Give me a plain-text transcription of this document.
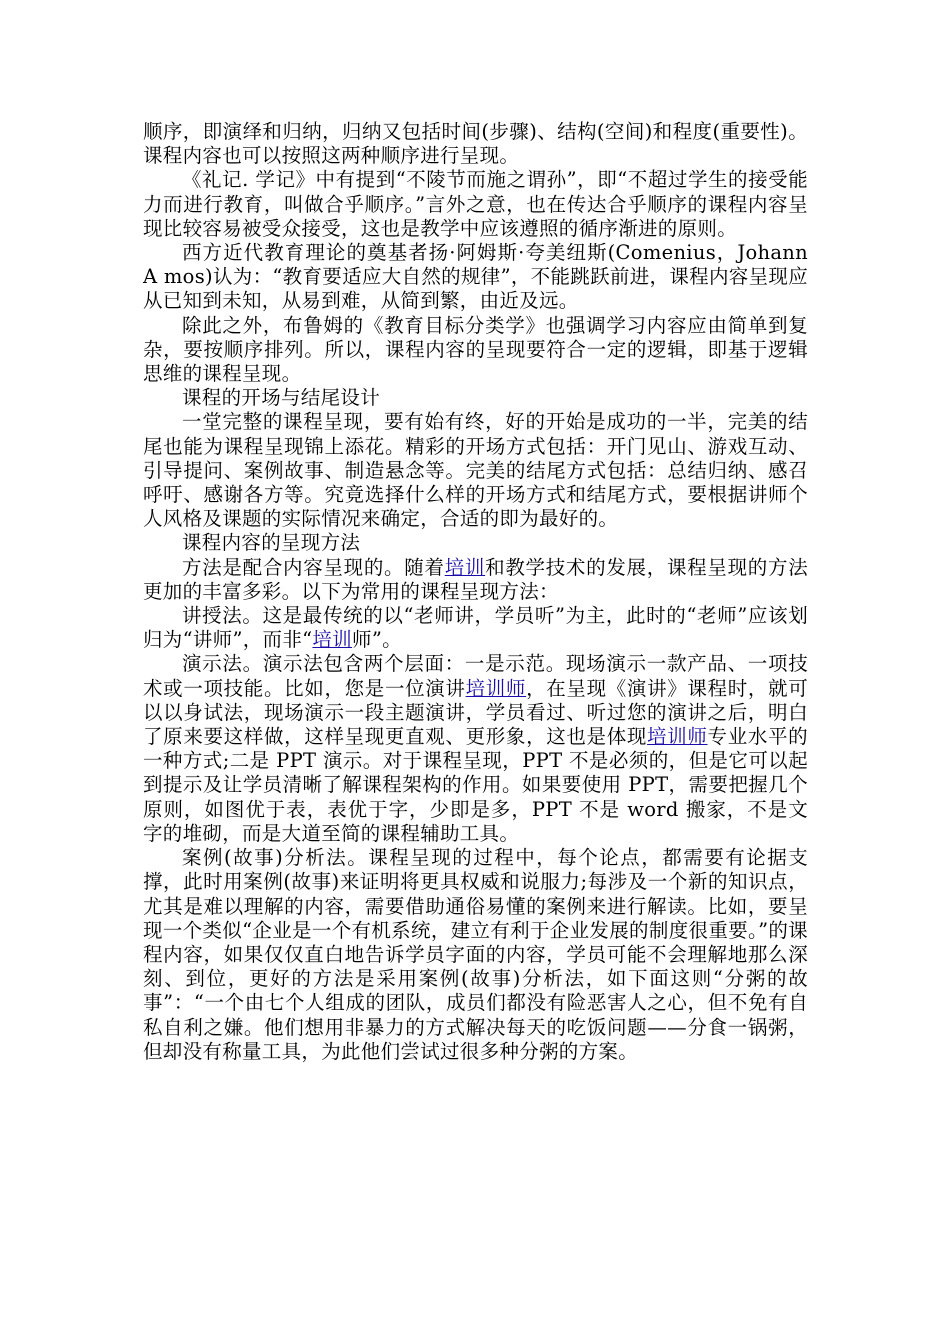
顺序，即演绎和归纳，归纳又包括时间(步骤)、结构(空间)和程度(重要性)。课程内容也可以按照这两种顺序进行呈现。

《礼记. 学记》中有提到“不陵节而施之谓孙”，即“不超过学生的接受能力而进行教育，叫做合乎顺序。”言外之意，也在传达合乎顺序的课程内容呈现比较容易被受众接受，这也是教学中应该遵照的循序渐进的原则。

西方近代教育理论的奠基者扬·阿姆斯·夸美纽斯(Comenius，Johann A mos)认为：“教育要适应大自然的规律”，不能跳跃前进，课程内容呈现应从已知到未知，从易到难，从简到繁，由近及远。

除此之外，布鲁姆的《教育目标分类学》也强调学习内容应由简单到复杂，要按顺序排列。所以，课程内容的呈现要符合一定的逻辑，即基于逻辑思维的课程呈现。

课程的开场与结尾设计

一堂完整的课程呈现，要有始有终，好的开始是成功的一半，完美的结尾也能为课程呈现锦上添花。精彩的开场方式包括：开门见山、游戏互动、引导提问、案例故事、制造悬念等。完美的结尾方式包括：总结归纳、感召呼吁、感谢各方等。究竟选择什么样的开场方式和结尾方式，要根据讲师个人风格及课题的实际情况来确定，合适的即为最好的。

课程内容的呈现方法

方法是配合内容呈现的。随着培训和教学技术的发展，课程呈现的方法更加的丰富多彩。以下为常用的课程呈现方法：

讲授法。这是最传统的以“老师讲，学员听”为主，此时的“老师”应该划归为“讲师”，而非“培训师”。

演示法。演示法包含两个层面：一是示范。现场演示一款产品、一项技术或一项技能。比如，您是一位演讲培训师，在呈现《演讲》课程时，就可以以身试法，现场演示一段主题演讲，学员看过、听过您的演讲之后，明白了原来要这样做，这样呈现更直观、更形象，这也是体现培训师专业水平的一种方式;二是 PPT 演示。对于课程呈现，PPT 不是必须的，但是它可以起到提示及让学员清晰了解课程架构的作用。如果要使用 PPT，需要把握几个原则，如图优于表，表优于字，少即是多，PPT 不是 word 搬家，不是文字的堆砌，而是大道至简的课程辅助工具。

案例(故事)分析法。课程呈现的过程中，每个论点，都需要有论据支撑，此时用案例(故事)来证明将更具权威和说服力;每涉及一个新的知识点，尤其是难以理解的内容，需要借助通俗易懂的案例来进行解读。比如，要呈现一个类似“企业是一个有机系统，建立有利于企业发展的制度很重要。”的课程内容，如果仅仅直白地告诉学员字面的内容，学员可能不会理解地那么深刻、到位，更好的方法是采用案例(故事)分析法，如下面这则“分粥的故事”：“一个由七个人组成的团队，成员们都没有险恶害人之心，但不免有自私自利之嫌。他们想用非暴力的方式解决每天的吃饭问题——分食一锅粥，但却没有称量工具，为此他们尝试过很多种分粥的方案。
